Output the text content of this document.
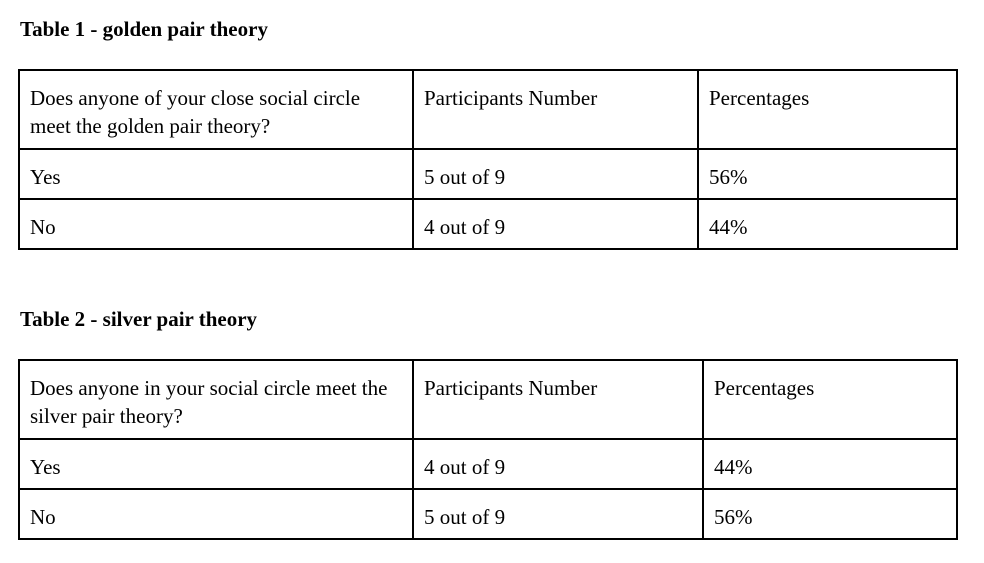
Table 1 - golden pair theory

Does anyone of your close social circle meet the golden pair theory?	Participants Number	Percentages
Yes	5 out of 9	56%
No	4 out of 9	44%

Table 2 - silver pair theory

Does anyone in your social circle meet the silver pair theory?	Participants Number	Percentages
Yes	4 out of 9	44%
No	5 out of 9	56%
